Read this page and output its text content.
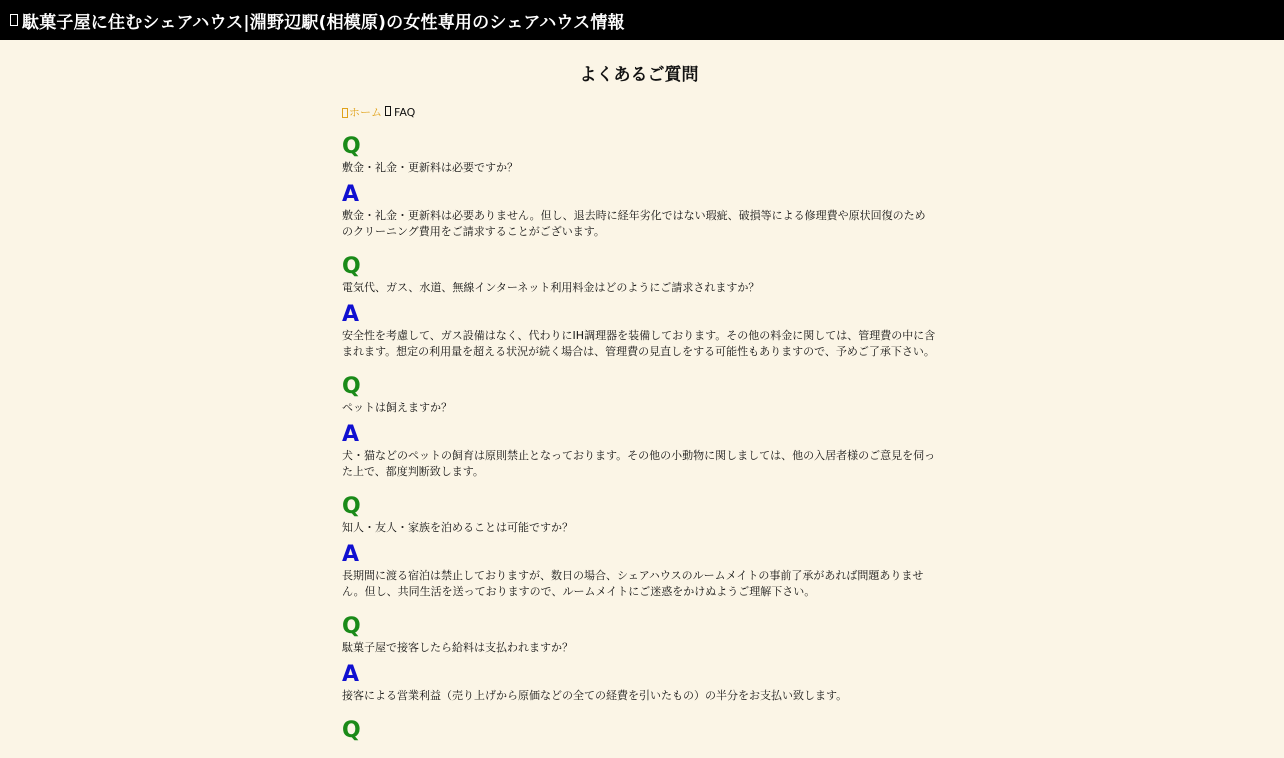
駄菓子屋に住むシェアハウス|淵野辺駅(相模原)の女性専用のシェアハウス情報
よくあるご質問
ホーム FAQ
Q

敷金・礼金・更新料は必要ですか？

A

敷金・礼金・更新料は必要ありません。但し、退去時に経年劣化ではない瑕疵、破損等による修理費や原状回復のためのクリーニング費用をご請求することがございます。

Q

電気代、ガス、水道、無線インターネット利用料金はどのようにご請求されますか？

A

安全性を考慮して、ガス設備はなく、代わりにIH調理器を装備しております。その他の料金に関しては、管理費の中に含まれます。想定の利用量を超える状況が続く場合は、管理費の見直しをする可能性もありますので、予めご了承下さい。

Q

ペットは飼えますか？

A

犬・猫などのペットの飼育は原則禁止となっております。その他の小動物に関しましては、他の入居者様のご意見を伺った上で、都度判断致します。

Q

知人・友人・家族を泊めることは可能ですか？

A

長期間に渡る宿泊は禁止しておりますが、数日の場合、シェアハウスのルームメイトの事前了承があれば問題ありません。但し、共同生活を送っておりますので、ルームメイトにご迷惑をかけぬようご理解下さい。

Q

駄菓子屋で接客したら給料は支払われますか？

A

接客による営業利益（売り上げから原価などの全ての経費を引いたもの）の半分をお支払い致します。

Q
